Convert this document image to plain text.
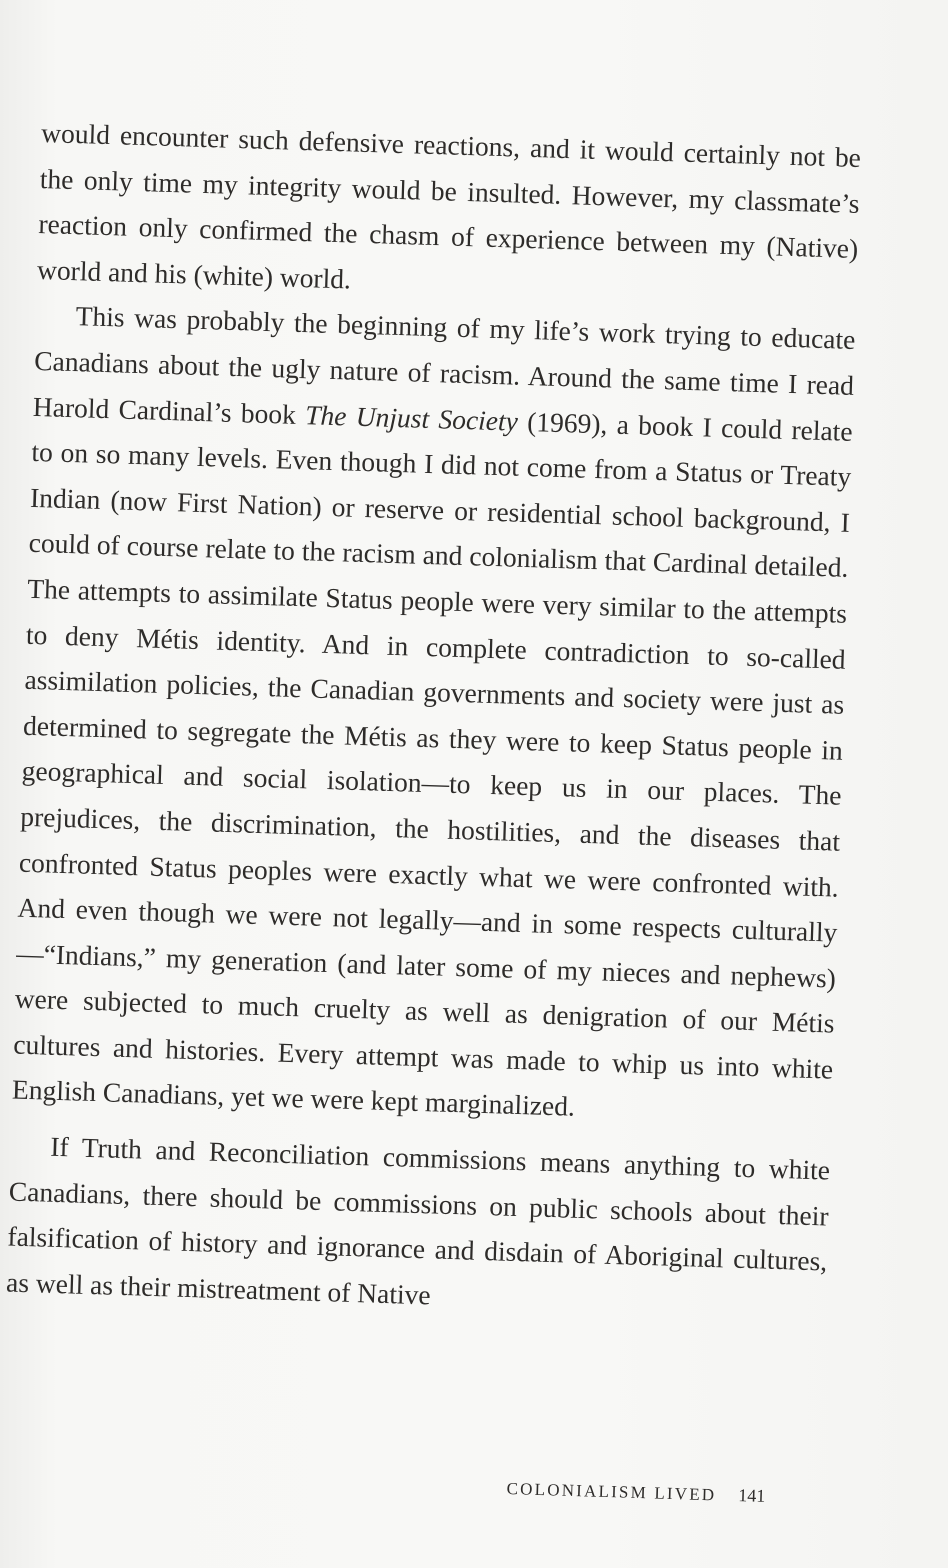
would encounter such defensive reactions, and it would certainly not be the only time my integrity would be insulted. However, my classmate’s reaction only confirmed the chasm of experience between my (Native) world and his (white) world.

This was probably the beginning of my life’s work trying to educate Canadians about the ugly nature of racism. Around the same time I read Harold Cardinal’s book The Unjust Society (1969), a book I could relate to on so many levels. Even though I did not come from a Status or Treaty Indian (now First Nation) or reserve or residential school background, I could of course relate to the racism and colonialism that Cardinal detailed. The attempts to assimilate Status people were very similar to the attempts to deny Métis identity. And in complete contradiction to so-called assimilation policies, the Canadian governments and society were just as determined to segregate the Métis as they were to keep Status people in geographical and social isolation—to keep us in our places. The prejudices, the discrimination, the hostilities, and the diseases that confronted Status peoples were exactly what we were confronted with. And even though we were not legally—and in some respects culturally—“Indians,” my generation (and later some of my nieces and nephews) were subjected to much cruelty as well as denigration of our Métis cultures and histories. Every attempt was made to whip us into white English Canadians, yet we were kept marginalized.

If Truth and Reconciliation commissions means anything to white Canadians, there should be commissions on public schools about their falsification of history and ignorance and disdain of Aboriginal cultures, as well as their mistreatment of Native

COLONIALISM LIVED 141
